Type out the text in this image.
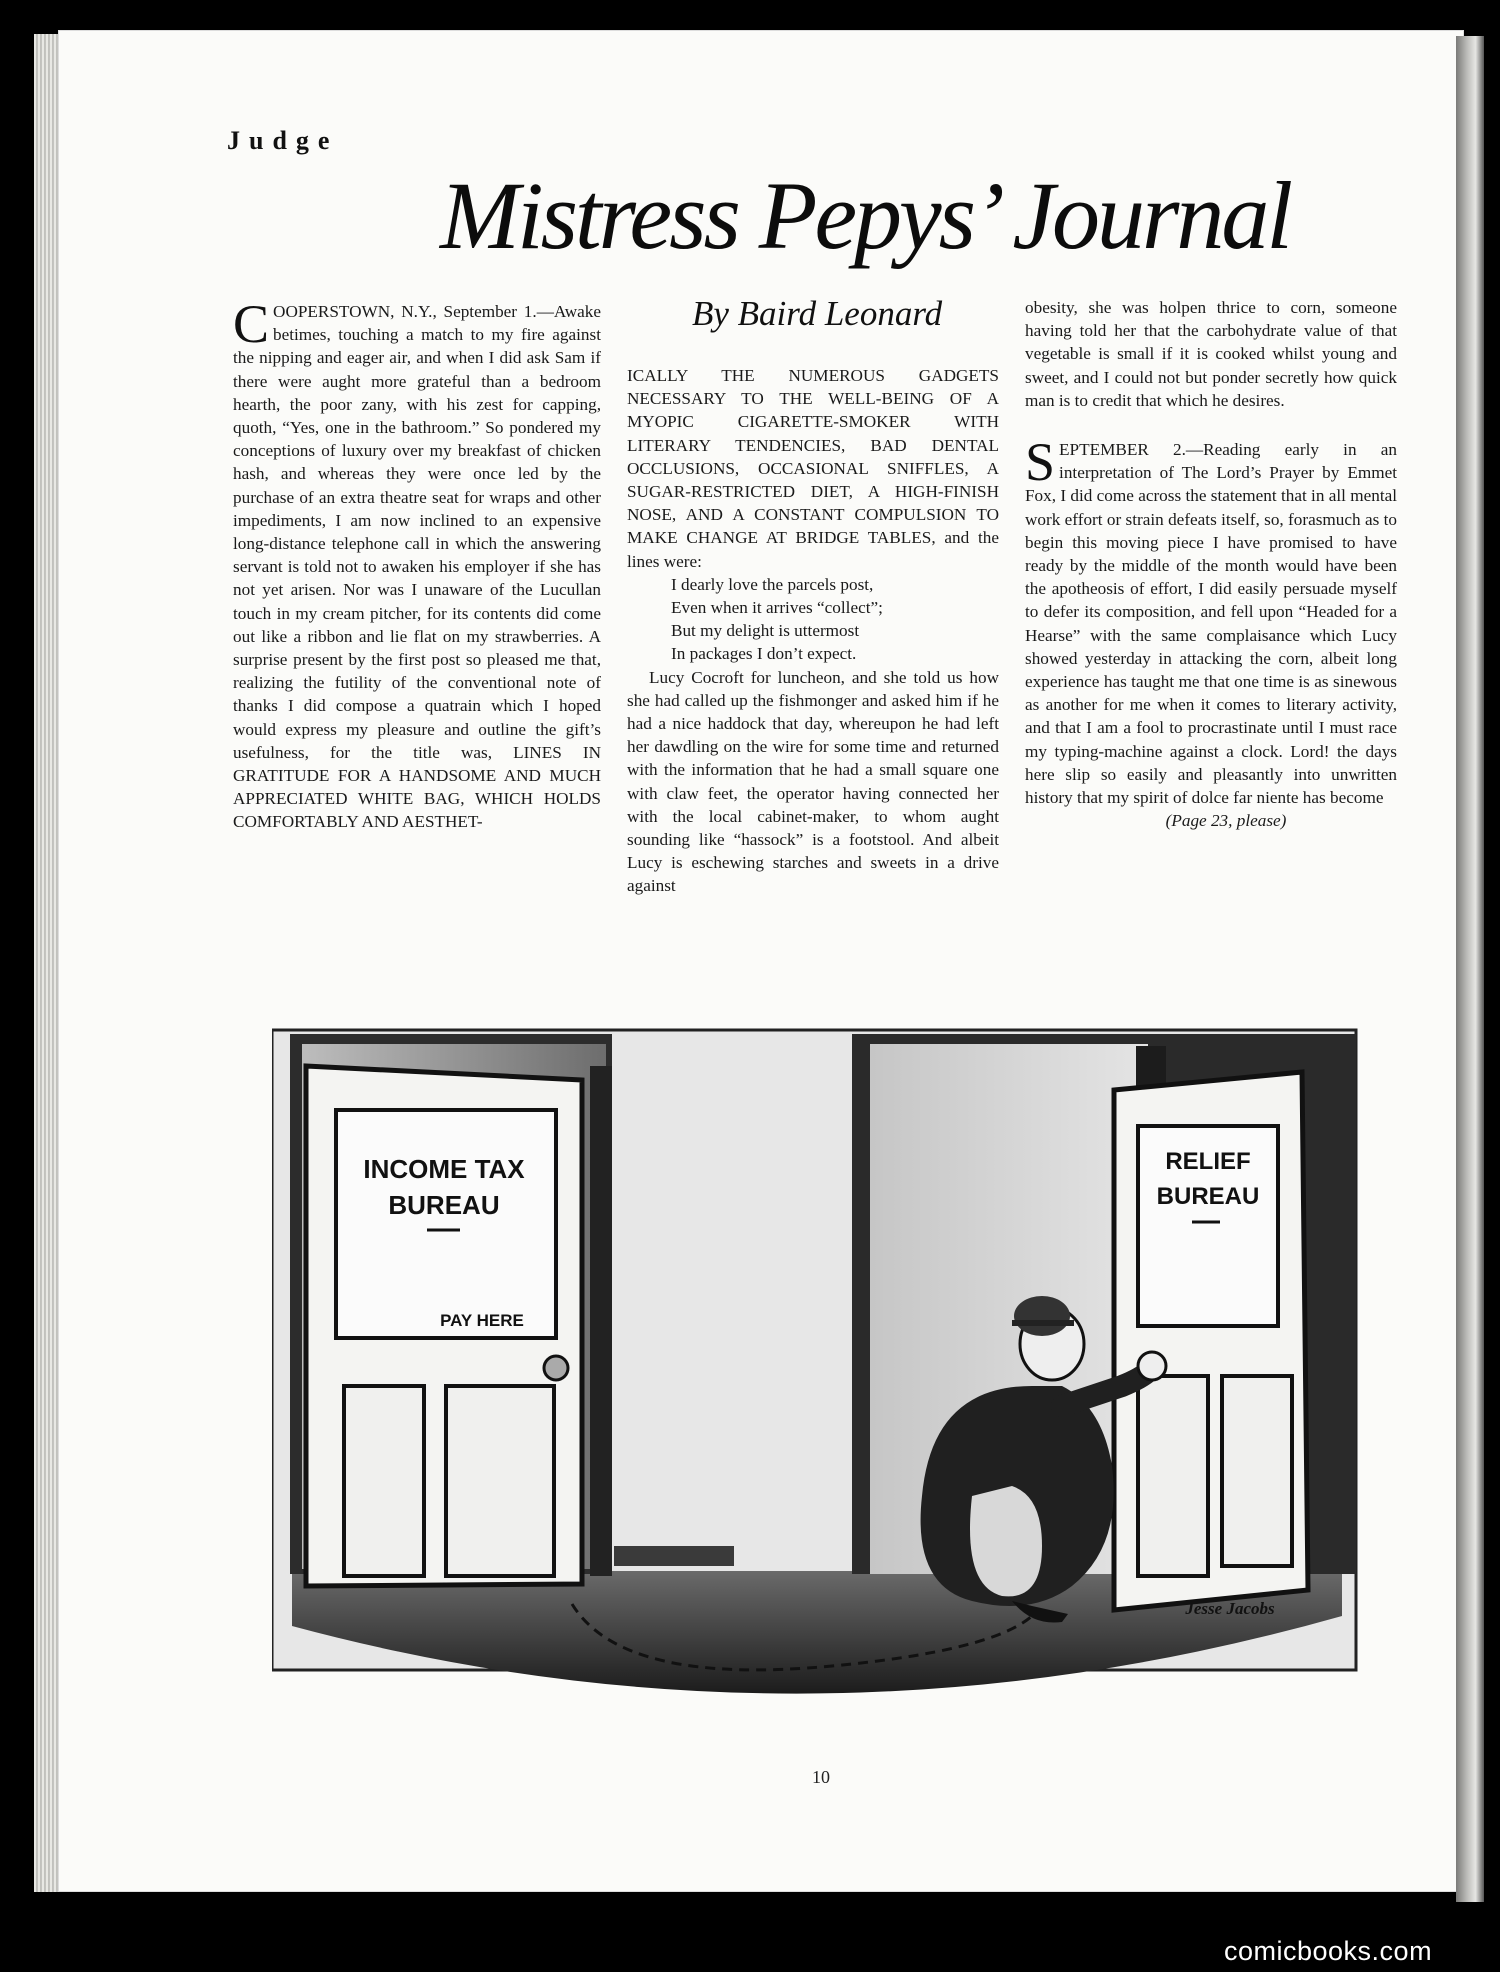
Judge
Mistress Pepys’ Journal
By Baird Leonard

COOPERSTOWN, N.Y., September 1.—Awake betimes, touching a match to my fire against the nipping and eager air, and when I did ask Sam if there were aught more grateful than a bedroom hearth, the poor zany, with his zest for capping, quoth, “Yes, one in the bathroom.” So pondered my conceptions of luxury over my breakfast of chicken hash, and whereas they were once led by the purchase of an extra theatre seat for wraps and other impediments, I am now inclined to an expensive long-distance telephone call in which the answering servant is told not to awaken his employer if she has not yet arisen. Nor was I unaware of the Lucullan touch in my cream pitcher, for its contents did come out like a ribbon and lie flat on my strawberries. A surprise present by the first post so pleased me that, realizing the futility of the conventional note of thanks I did compose a quatrain which I hoped would express my pleasure and outline the gift’s usefulness, for the title was, LINES IN GRATITUDE FOR A HANDSOME AND MUCH APPRECIATED WHITE BAG, WHICH HOLDS COMFORTABLY AND AESTHET-

ICALLY THE NUMEROUS GADGETS NECESSARY TO THE WELL-BEING OF A MYOPIC CIGARETTE-SMOKER WITH LITERARY TENDENCIES, BAD DENTAL OCCLUSIONS, OCCASIONAL SNIFFLES, A SUGAR-RESTRICTED DIET, A HIGH-FINISH NOSE, AND A CONSTANT COMPULSION TO MAKE CHANGE AT BRIDGE TABLES, and the lines were:

I dearly love the parcels post,
Even when it arrives “collect”;
But my delight is uttermost
In packages I don’t expect.

Lucy Cocroft for luncheon, and she told us how she had called up the fishmonger and asked him if he had a nice haddock that day, whereupon he had left her dawdling on the wire for some time and returned with the information that he had a small square one with claw feet, the operator having connected her with the local cabinet-maker, to whom aught sounding like “hassock” is a footstool. And albeit Lucy is eschewing starches and sweets in a drive against

obesity, she was holpen thrice to corn, someone having told her that the carbohydrate value of that vegetable is small if it is cooked whilst young and sweet, and I could not but ponder secretly how quick man is to credit that which he desires.

SEPTEMBER 2.—Reading early in an interpretation of The Lord’s Prayer by Emmet Fox, I did come across the statement that in all mental work effort or strain defeats itself, so, forasmuch as to begin this moving piece I have promised to have ready by the middle of the month would have been the apotheosis of effort, I did easily persuade myself to defer its composition, and fell upon “Headed for a Hearse” with the same complaisance which Lucy showed yesterday in attacking the corn, albeit long experience has taught me that one time is as sinewous as another for me when it comes to literary activity, and that I am a fool to procrastinate until I must race my typing-machine against a clock. Lord! the days here slip so easily and pleasantly into unwritten history that my spirit of dolce far niente has become

(Page 23, please)

INCOME TAX
BUREAU
PAY HERE
RELIEF
BUREAU
Jesse Jacobs
10
comicbooks.com
